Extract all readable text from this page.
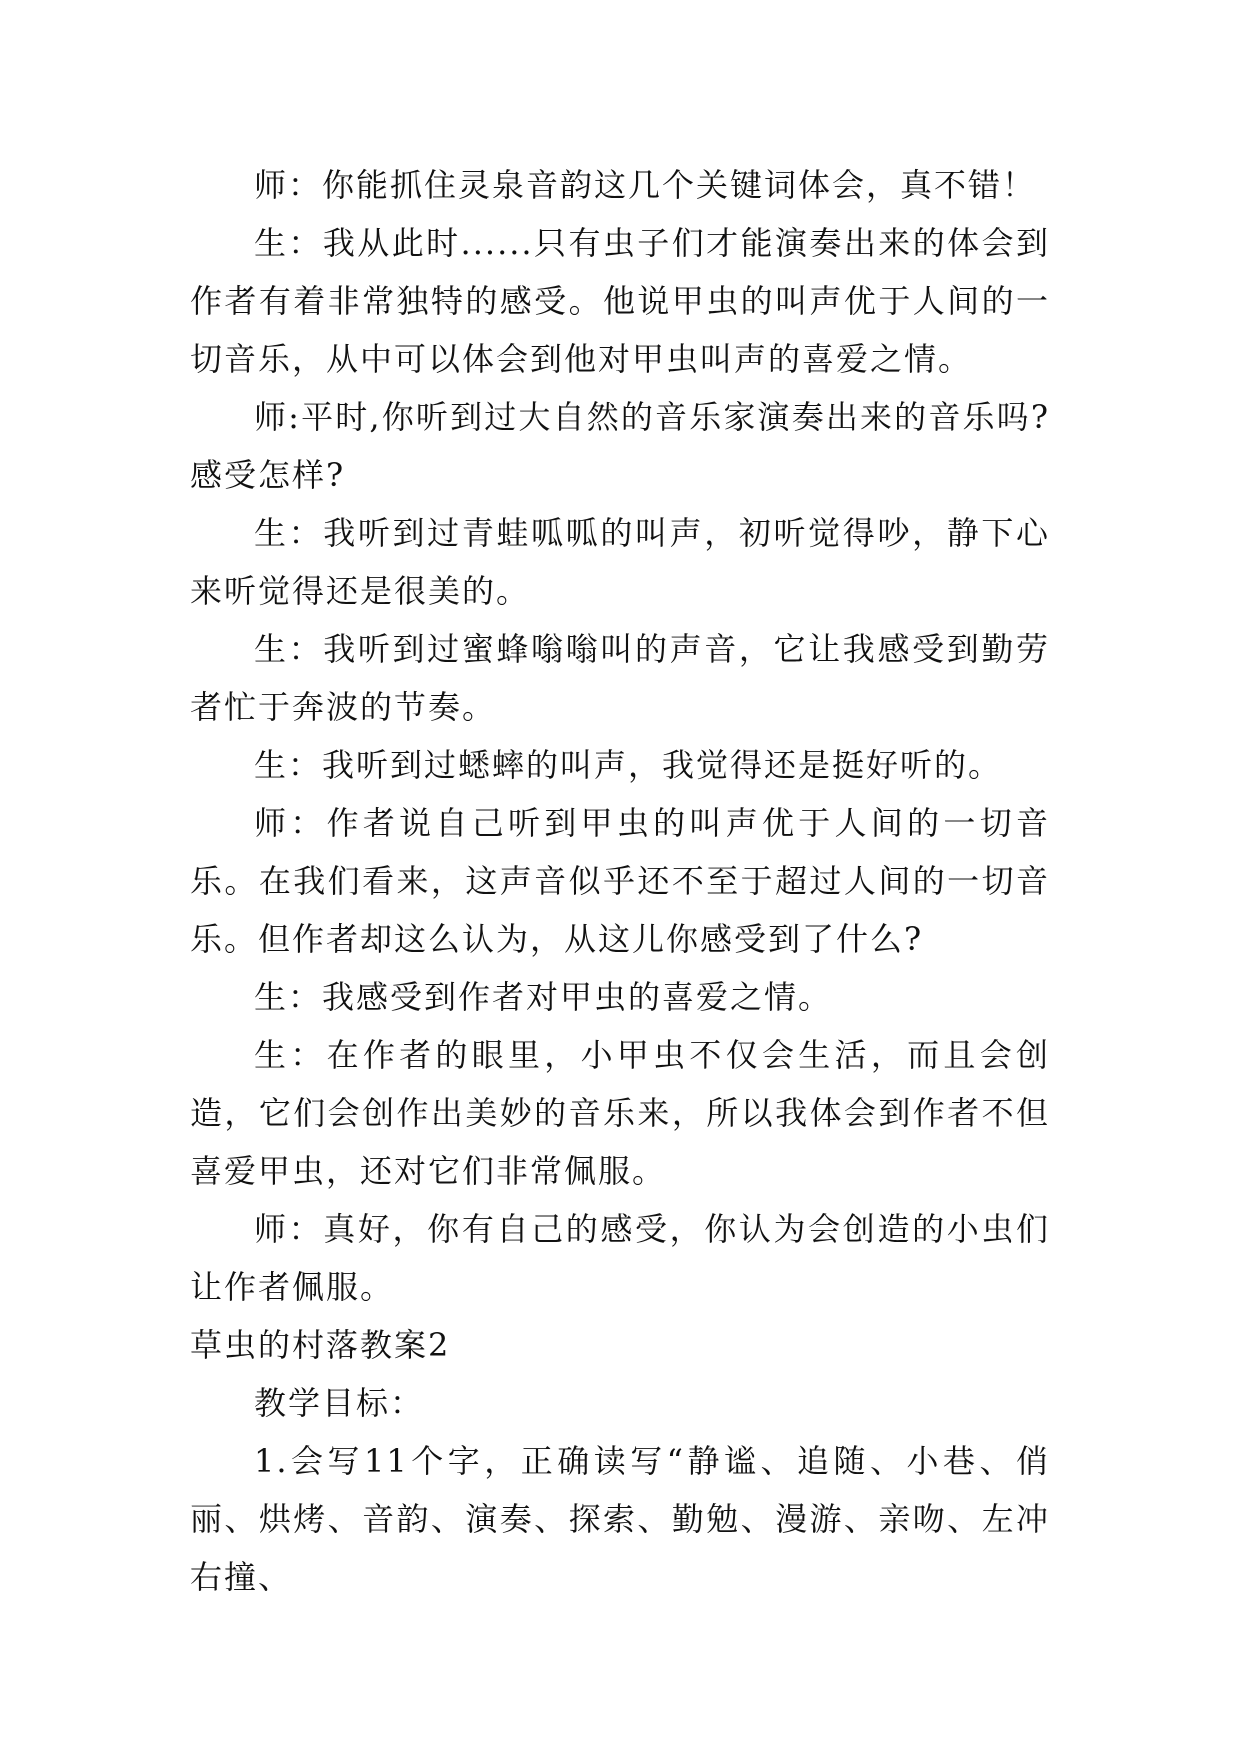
师：你能抓住灵泉音韵这几个关键词体会，真不错！

生：我从此时......只有虫子们才能演奏出来的体会到作者有着非常独特的感受。他说甲虫的叫声优于人间的一切音乐，从中可以体会到他对甲虫叫声的喜爱之情。

师:平时,你听到过大自然的音乐家演奏出来的音乐吗?感受怎样?

生：我听到过青蛙呱呱的叫声，初听觉得吵，静下心来听觉得还是很美的。

生：我听到过蜜蜂嗡嗡叫的声音，它让我感受到勤劳者忙于奔波的节奏。

生：我听到过蟋蟀的叫声，我觉得还是挺好听的。

师：作者说自己听到甲虫的叫声优于人间的一切音乐。在我们看来，这声音似乎还不至于超过人间的一切音乐。但作者却这么认为，从这儿你感受到了什么?

生：我感受到作者对甲虫的喜爱之情。

生：在作者的眼里，小甲虫不仅会生活，而且会创造，它们会创作出美妙的音乐来，所以我体会到作者不但喜爱甲虫，还对它们非常佩服。

师：真好，你有自己的感受，你认为会创造的小虫们让作者佩服。

草虫的村落教案2

教学目标：

1.会写11个字，正确读写“静谧、追随、小巷、俏丽、烘烤、音韵、演奏、探索、勤勉、漫游、亲吻、左冲右撞、
